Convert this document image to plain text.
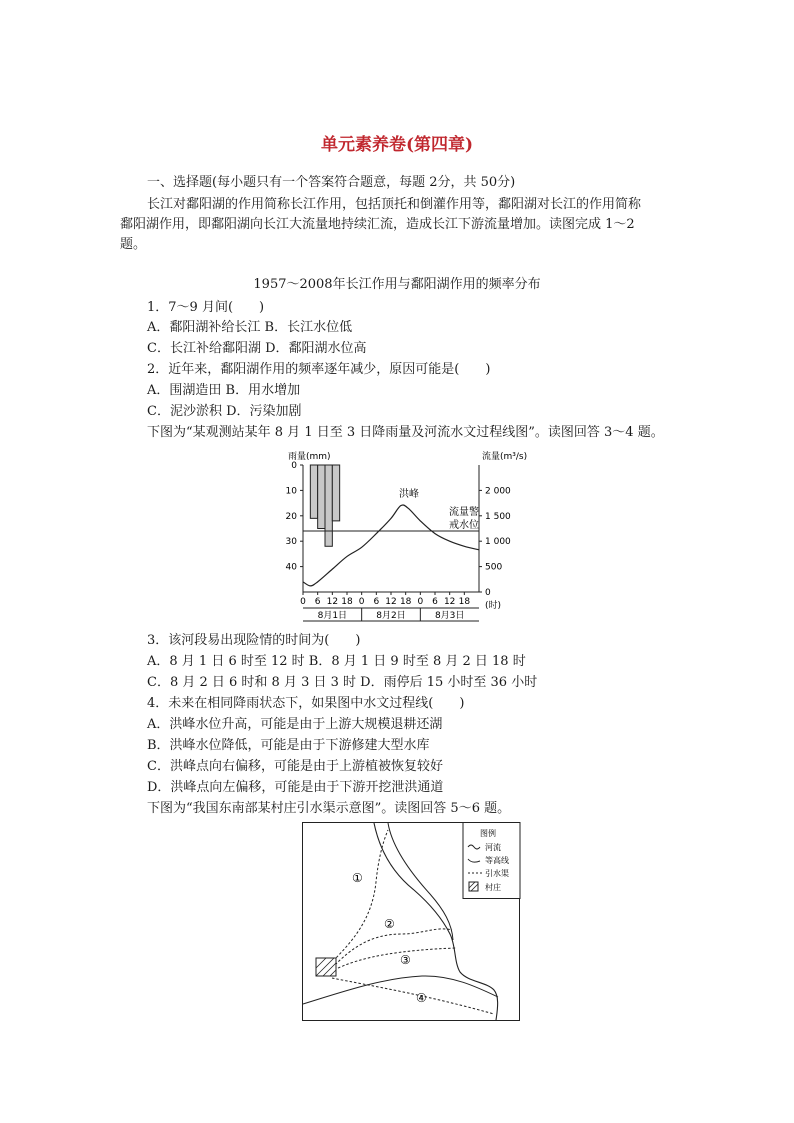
单元素养卷(第四章)
一、选择题(每小题只有一个答案符合题意，每题 2分，共 50分)
长江对鄱阳湖的作用简称长江作用，包括顶托和倒灌作用等，鄱阳湖对长江的作用简称
鄱阳湖作用，即鄱阳湖向长江大流量地持续汇流，造成长江下游流量增加。读图完成 1～2
题。
1957～2008年长江作用与鄱阳湖作用的频率分布
1．7～9 月间(　　)
A．鄱阳湖补给长江 B．长江水位低
C．长江补给鄱阳湖 D．鄱阳湖水位高
2．近年来，鄱阳湖作用的频率逐年减少，原因可能是(　　)
A．围湖造田 B．用水增加
C．泥沙淤积 D．污染加剧
下图为“某观测站某年 8 月 1 日至 3 日降雨量及河流水文过程线图”。读图回答 3～4 题。
雨量(mm)	流量(m³/s)
洪峰
流量警
戒水位
0
10
20
30
40
2 000
1 500
1 000
500
0
0 6 12 18 0 6 12 18 0 6 12 18 (时)
8月1日	8月2日	8月3日
3．该河段易出现险情的时间为(　　)
A．8 月 1 日 6 时至 12 时 B．8 月 1 日 9 时至 8 月 2 日 18 时
C．8 月 2 日 6 时和 8 月 3 日 3 时 D．雨停后 15 小时至 36 小时
4．未来在相同降雨状态下，如果图中水文过程线(　　)
A．洪峰水位升高，可能是由于上游大规模退耕还湖
B．洪峰水位降低，可能是由于下游修建大型水库
C．洪峰点向右偏移，可能是由于上游植被恢复较好
D．洪峰点向左偏移，可能是由于下游开挖泄洪通道
下图为“我国东南部某村庄引水渠示意图”。读图回答 5～6 题。
图例
河流
等高线
引水渠
村庄
①
②
③
④
